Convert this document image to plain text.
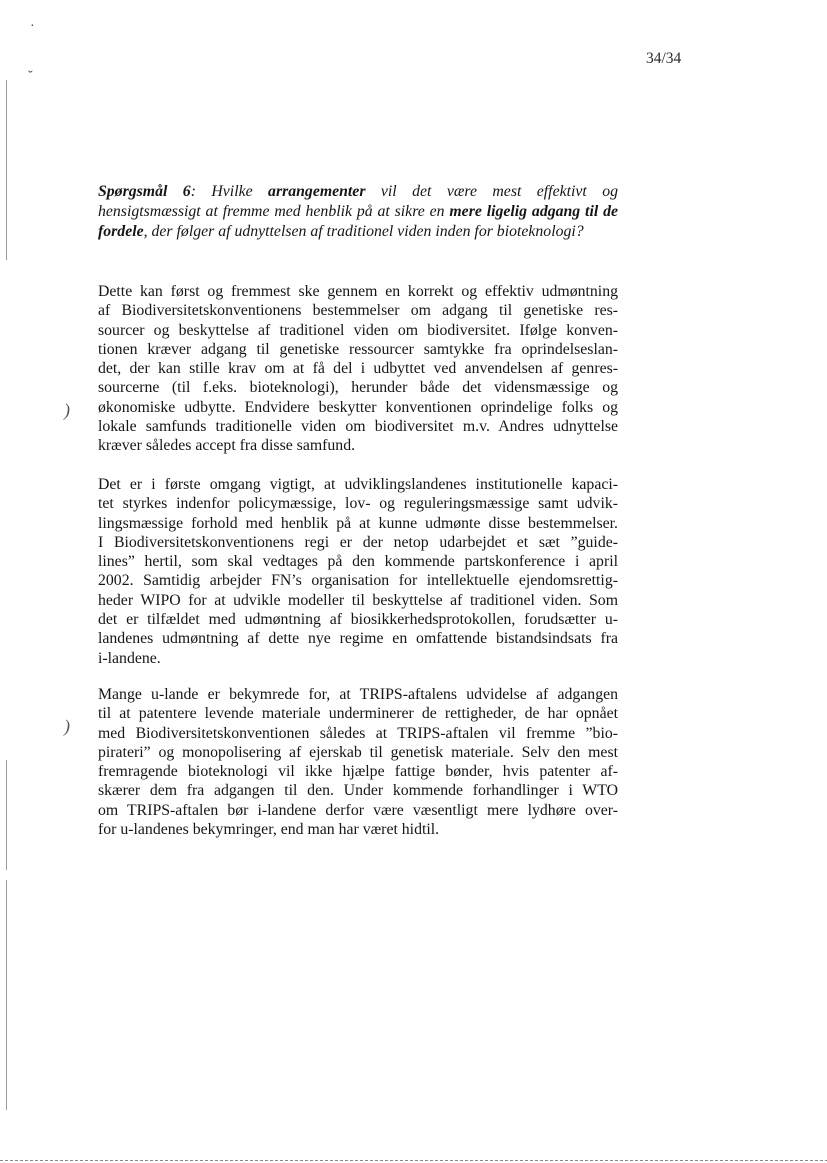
·
ˇ
)
)
34/34
Spørgsmål 6: Hvilke arrangementer vil det være mest effektivt og hensigtsmæssigt at fremme med henblik på at sikre en mere ligelig adgang til de fordele, der følger af udnyttelsen af traditionel viden inden for bioteknologi?
Dette kan først og fremmest ske gennem en korrekt og effektiv udmøntning
af Biodiversitetskonventionens bestemmelser om adgang til genetiske res-
sourcer og beskyttelse af traditionel viden om biodiversitet. Ifølge konven-
tionen kræver adgang til genetiske ressourcer samtykke fra oprindelseslan-
det, der kan stille krav om at få del i udbyttet ved anvendelsen af genres-
sourcerne (til f.eks. bioteknologi), herunder både det vidensmæssige og
økonomiske udbytte. Endvidere beskytter konventionen oprindelige folks og
lokale samfunds traditionelle viden om biodiversitet m.v. Andres udnyttelse
kræver således accept fra disse samfund.
Det er i første omgang vigtigt, at udviklingslandenes institutionelle kapaci-
tet styrkes indenfor policymæssige, lov- og reguleringsmæssige samt udvik-
lingsmæssige forhold med henblik på at kunne udmønte disse bestemmelser.
I Biodiversitetskonventionens regi er der netop udarbejdet et sæt ”guide-
lines” hertil, som skal vedtages på den kommende partskonference i april
2002. Samtidig arbejder FN’s organisation for intellektuelle ejendomsrettig-
heder WIPO for at udvikle modeller til beskyttelse af traditionel viden. Som
det er tilfældet med udmøntning af biosikkerhedsprotokollen, forudsætter u-
landenes udmøntning af dette nye regime en omfattende bistandsindsats fra
i-landene.
Mange u-lande er bekymrede for, at TRIPS-aftalens udvidelse af adgangen
til at patentere levende materiale underminerer de rettigheder, de har opnået
med Biodiversitetskonventionen således at TRIPS-aftalen vil fremme ”bio-
pirateri” og monopolisering af ejerskab til genetisk materiale. Selv den mest
fremragende bioteknologi vil ikke hjælpe fattige bønder, hvis patenter af-
skærer dem fra adgangen til den. Under kommende forhandlinger i WTO
om TRIPS-aftalen bør i-landene derfor være væsentligt mere lydhøre over-
for u-landenes bekymringer, end man har været hidtil.
